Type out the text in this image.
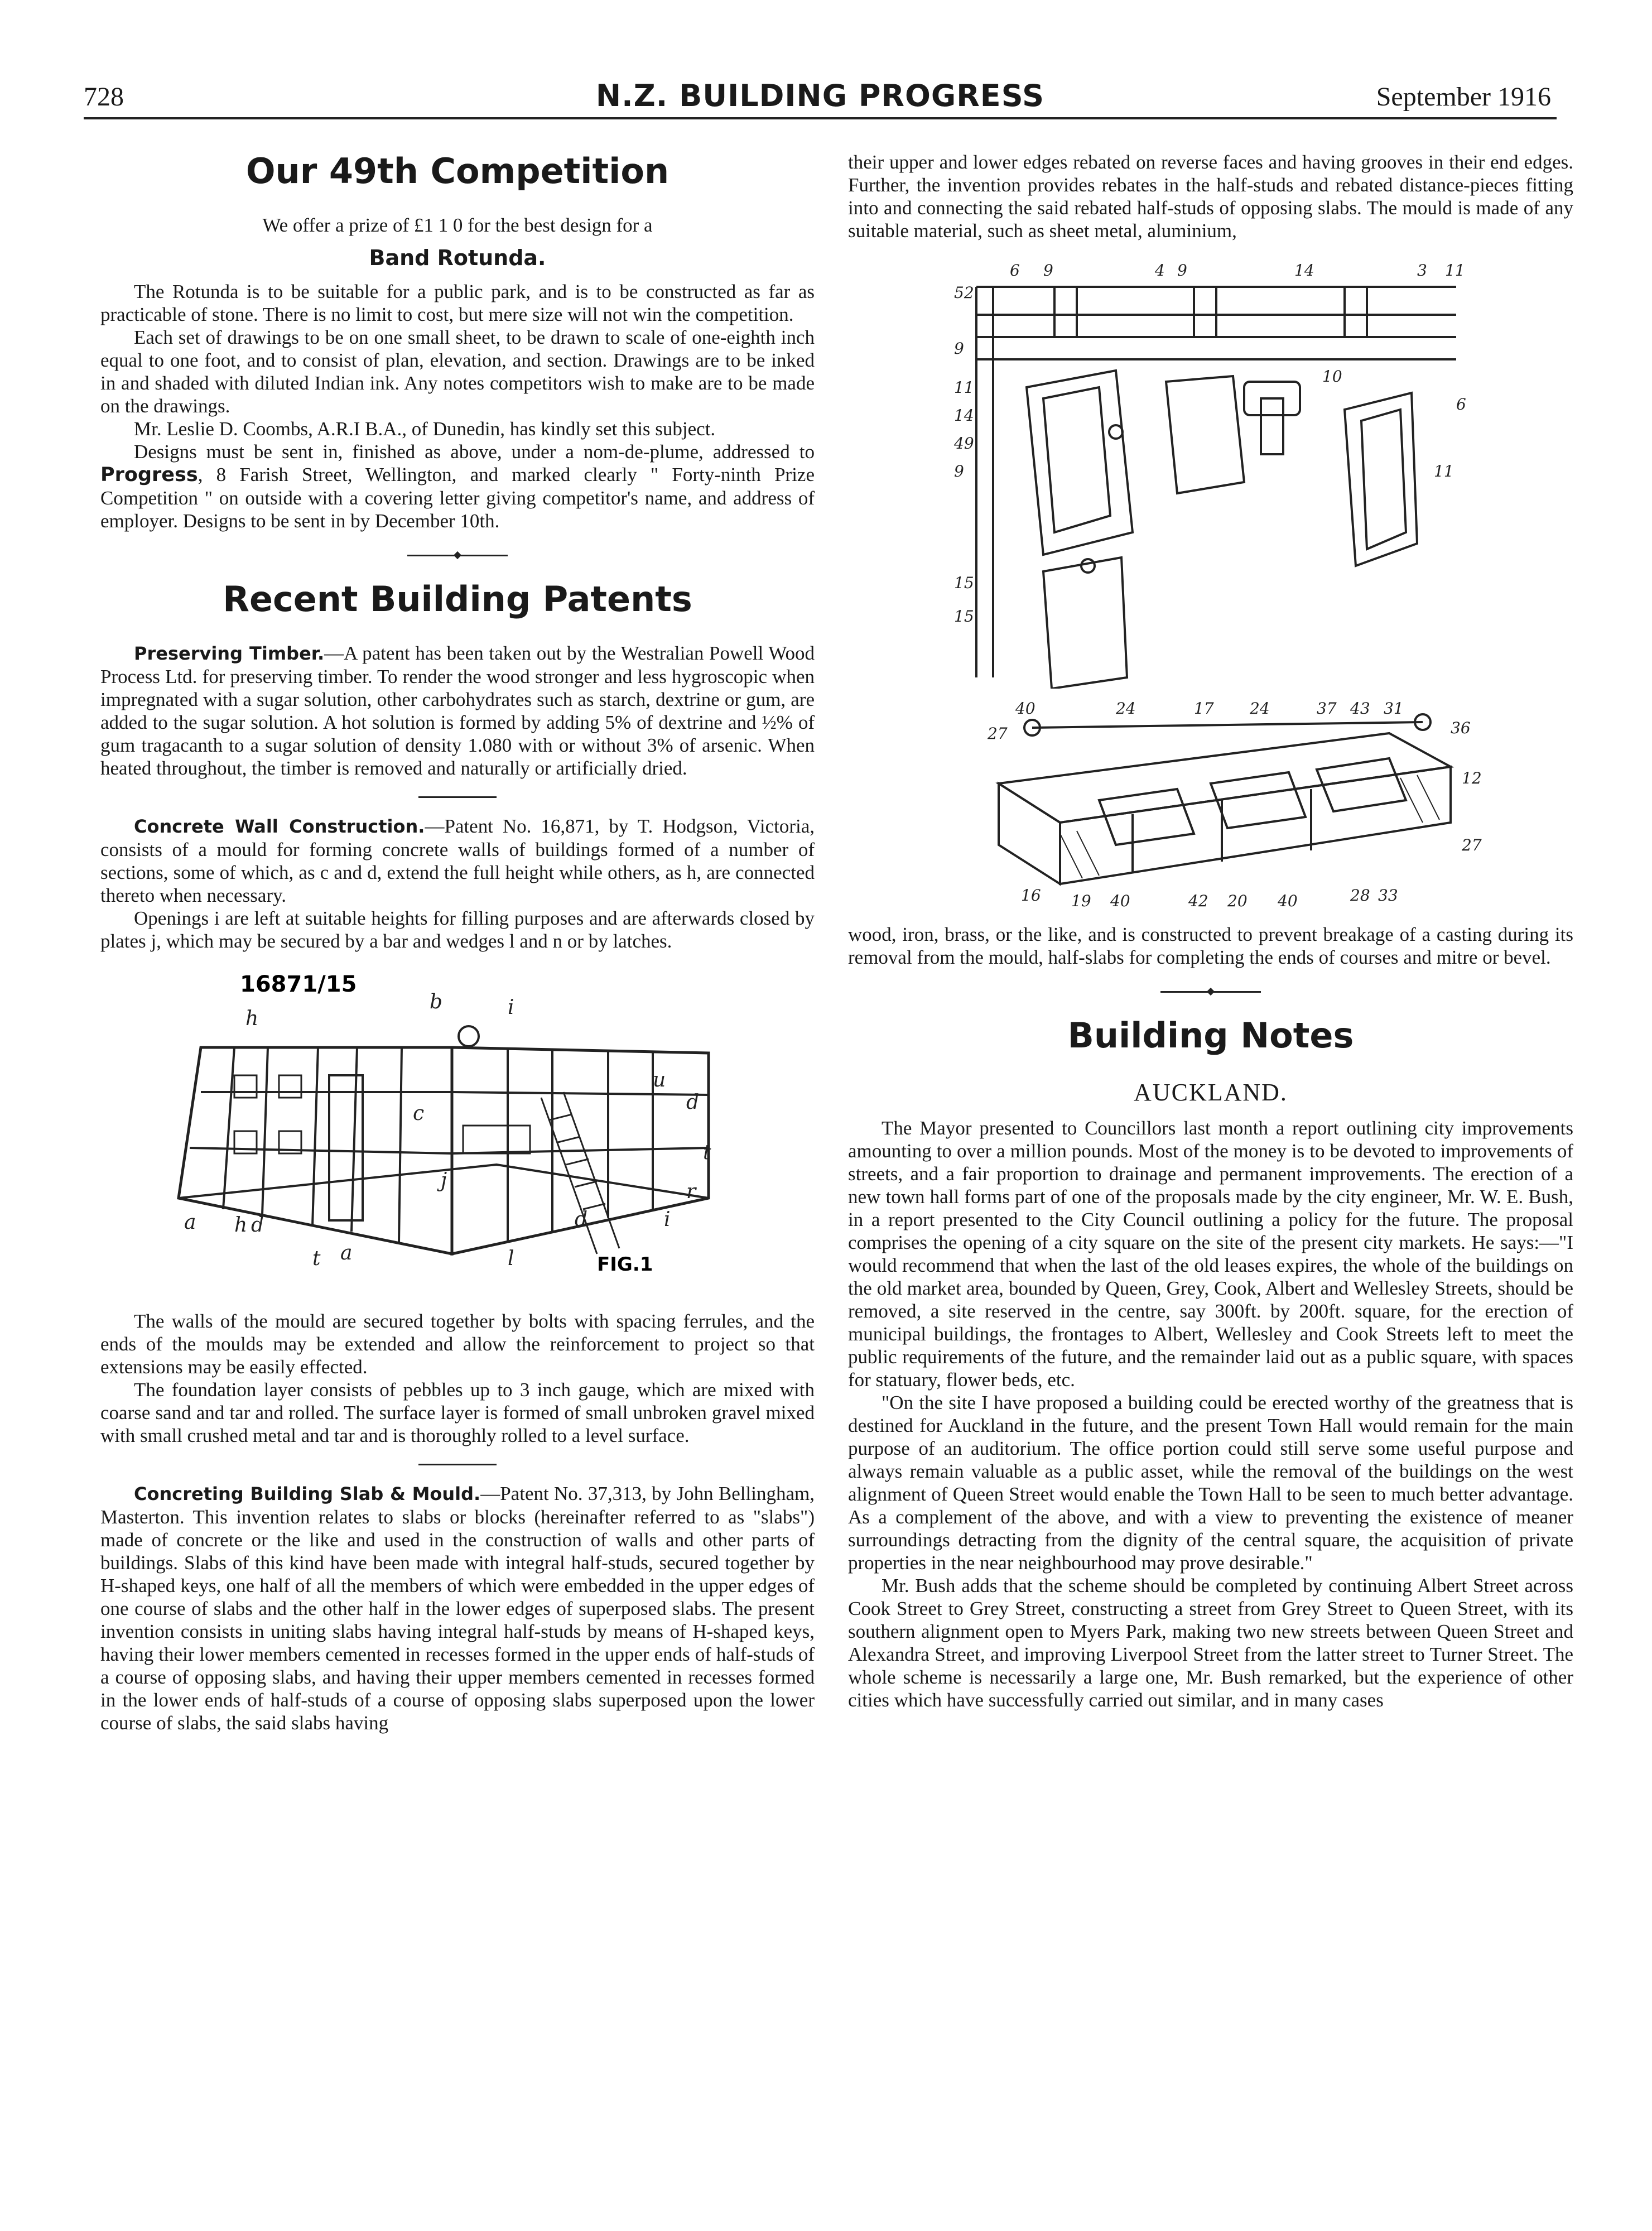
728	N.Z. BUILDING PROGRESS	September 1916
Our 49th Competition

We offer a prize of £1 1 0 for the best design for a

Band Rotunda.

The Rotunda is to be suitable for a public park, and is to be constructed as far as practicable of stone. There is no limit to cost, but mere size will not win the competition.

Each set of drawings to be on one small sheet, to be drawn to scale of one-eighth inch equal to one foot, and to consist of plan, elevation, and section. Drawings are to be inked in and shaded with diluted Indian ink. Any notes competitors wish to make are to be made on the drawings.

Mr. Leslie D. Coombs, A.R.I B.A., of Dunedin, has kindly set this subject.

Designs must be sent in, finished as above, under a nom-de-plume, addressed to Progress, 8 Farish Street, Wellington, and marked clearly " Forty-ninth Prize Competition " on outside with a covering letter giving competitor's name, and address of employer. Designs to be sent in by December 10th.

Recent Building Patents

Preserving Timber.—A patent has been taken out by the Westralian Powell Wood Process Ltd. for preserving timber. To render the wood stronger and less hygroscopic when impregnated with a sugar solution, other carbohydrates such as starch, dextrine or gum, are added to the sugar solution. A hot solution is formed by adding 5% of dextrine and ½% of gum tragacanth to a sugar solution of density 1.080 with or without 3% of arsenic. When heated throughout, the timber is removed and naturally or artificially dried.

Concrete Wall Construction.—Patent No. 16,871, by T. Hodgson, Victoria, consists of a mould for forming concrete walls of buildings formed of a number of sections, some of which, as c and d, extend the full height while others, as h, are connected thereto when necessary.

Openings i are left at suitable heights for filling purposes and are afterwards closed by plates j, which may be secured by a bar and wedges l and n or by latches.

16871/15
b	i
h
u
d
t
r
a h d
t a	l
i
c
j
d
FIG.1

The walls of the mould are secured together by bolts with spacing ferrules, and the ends of the moulds may be extended and allow the reinforcement to project so that extensions may be easily effected.

The foundation layer consists of pebbles up to 3 inch gauge, which are mixed with coarse sand and tar and rolled. The surface layer is formed of small unbroken gravel mixed with small crushed metal and tar and is thoroughly rolled to a level surface.

Concreting Building Slab & Mould.—Patent No. 37,313, by John Bellingham, Masterton. This invention relates to slabs or blocks (hereinafter referred to as "slabs") made of concrete or the like and used in the construction of walls and other parts of buildings. Slabs of this kind have been made with integral half-studs, secured together by H-shaped keys, one half of all the members of which were embedded in the upper edges of one course of slabs and the other half in the lower edges of superposed slabs. The present invention consists in uniting slabs having integral half-studs by means of H-shaped keys, having their lower members cemented in recesses formed in the upper ends of half-studs of a course of opposing slabs, and having their upper members cemented in recesses formed in the lower ends of half-studs of a course of opposing slabs superposed upon the lower course of slabs, the said slabs having

their upper and lower edges rebated on reverse faces and having grooves in their end edges. Further, the invention provides rebates in the half-studs and rebated distance-pieces fitting into and connecting the said rebated half-studs of opposing slabs. The mould is made of any suitable material, such as sheet metal, aluminium,

52
9
11
14
49
9
15
15
6 9	4 9	14	3 11
10
6
11
40	24	17 24	37 43 31
36
27
12
27
16 19 40	42 20 40	28 33

wood, iron, brass, or the like, and is constructed to prevent breakage of a casting during its removal from the mould, half-slabs for completing the ends of courses and mitre or bevel.

Building Notes
AUCKLAND.

The Mayor presented to Councillors last month a report outlining city improvements amounting to over a million pounds. Most of the money is to be devoted to improvements of streets, and a fair proportion to drainage and permanent improvements. The erection of a new town hall forms part of one of the proposals made by the city engineer, Mr. W. E. Bush, in a report presented to the City Council outlining a policy for the future. The proposal comprises the opening of a city square on the site of the present city markets. He says:—"I would recommend that when the last of the old leases expires, the whole of the buildings on the old market area, bounded by Queen, Grey, Cook, Albert and Wellesley Streets, should be removed, a site reserved in the centre, say 300ft. by 200ft. square, for the erection of municipal buildings, the frontages to Albert, Wellesley and Cook Streets left to meet the public requirements of the future, and the remainder laid out as a public square, with spaces for statuary, flower beds, etc.

"On the site I have proposed a building could be erected worthy of the greatness that is destined for Auckland in the future, and the present Town Hall would remain for the main purpose of an auditorium. The office portion could still serve some useful purpose and always remain valuable as a public asset, while the removal of the buildings on the west alignment of Queen Street would enable the Town Hall to be seen to much better advantage. As a complement of the above, and with a view to preventing the existence of meaner surroundings detracting from the dignity of the central square, the acquisition of private properties in the near neighbourhood may prove desirable."

Mr. Bush adds that the scheme should be completed by continuing Albert Street across Cook Street to Grey Street, constructing a street from Grey Street to Queen Street, with its southern alignment open to Myers Park, making two new streets between Queen Street and Alexandra Street, and improving Liverpool Street from the latter street to Turner Street. The whole scheme is necessarily a large one, Mr. Bush remarked, but the experience of other cities which have successfully carried out similar, and in many cases
